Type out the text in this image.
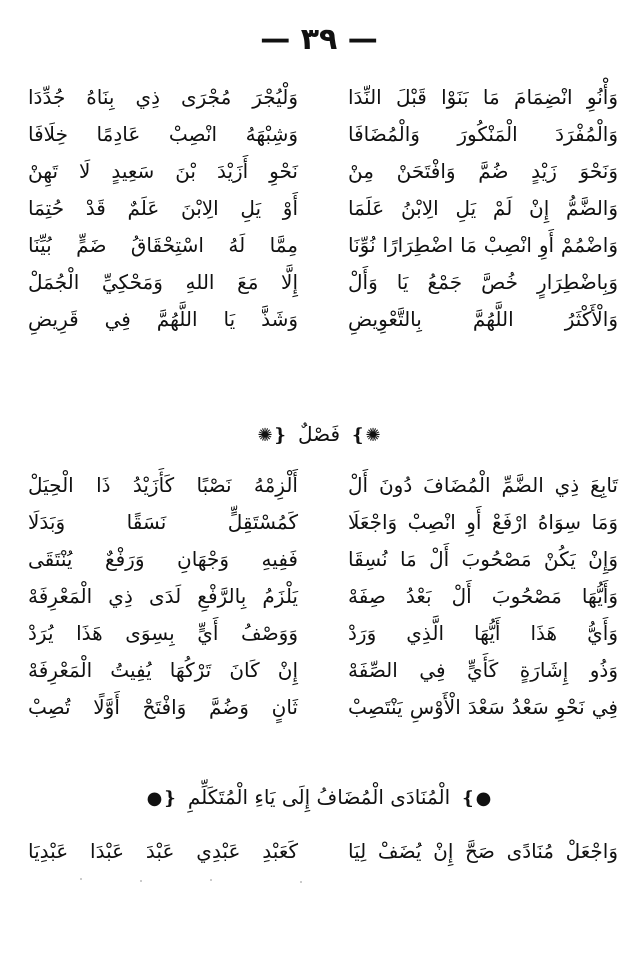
— ٣٩ —
وَأْنُوِ انْضِمَامَ مَا بَنَوْا قَبْلَ النِّدَا
وَلْيُجْرَ مُجْرَى ذِي بِنَاهُ جُدِّدَا
وَالْمُفْرَدَ الْمَنْكُورَ وَالْمُضَافَا
وَشِبْهَهُ انْصِبْ عَادِمًا خِلَافَا
وَنَحْوَ زَيْدٍ ضُمَّ وَافْتَحَنْ مِنْ
نَحْوِ أَزَيْدَ بْنَ سَعِيدٍ لَا تَهِنْ
وَالضَّمُّ إِنْ لَمْ يَلِ الِابْنُ عَلَمَا
أَوْ يَلِ الِابْنَ عَلَمٌ قَدْ حُتِمَا
وَاضْمُمْ أَوِ انْصِبْ مَا اضْطِرَارًا نُوِّنَا
مِمَّا لَهُ اسْتِحْقَاقُ ضَمٍّ بُيِّنَا
وَبِاضْطِرَارٍ خُصَّ جَمْعُ يَا وَأَلْ
إِلَّا مَعَ اللهِ وَمَحْكِيِّ الْجُمَلْ
وَالْأَكْثَرُ اللَّهُمَّ بِالتَّعْوِيضِ
وَشَذَّ يَا اللَّهُمَّ فِي قَرِيضِ
✺❵ فَصْلٌ ❴✺
تَابِعَ ذِي الضَّمِّ الْمُضَافَ دُونَ أَلْ
أَلْزِمْهُ نَصْبًا كَأَزَيْدُ ذَا الْحِيَلْ
وَمَا سِوَاهُ ارْفَعْ أَوِ انْصِبْ وَاجْعَلَا
كَمُسْتَقِلٍّ نَسَقًا وَبَدَلَا
وَإِنْ يَكُنْ مَصْحُوبَ أَلْ مَا نُسِقَا
فَفِيهِ وَجْهَانِ وَرَفْعٌ يُنْتَقَى
وَأَيُّهَا مَصْحُوبَ أَلْ بَعْدُ صِفَهْ
يَلْزَمُ بِالرَّفْعِ لَدَى ذِي الْمَعْرِفَهْ
وَأَيُّ هَذَا أَيُّهَا الَّذِي وَرَدْ
وَوَصْفُ أَيٍّ بِسِوَى هَذَا يُرَدْ
وَذُو إِشَارَةٍ كَأَيٍّ فِي الصِّفَهْ
إِنْ كَانَ تَرْكُهَا يُفِيتُ الْمَعْرِفَهْ
فِي نَحْوِ سَعْدُ سَعْدَ الْأَوْسِ يَنْتَصِبْ
ثَانٍ وَضُمَّ وَافْتَحْ أَوَّلًا تُصِبْ
●❵ الْمُنَادَى الْمُضَافُ إِلَى يَاءِ الْمُتَكَلِّمِ ❴●
وَاجْعَلْ مُنَادًى صَحَّ إِنْ يُضَفْ لِيَا
كَعَبْدِ عَبْدِي عَبْدَ عَبْدَا عَبْدِيَا
